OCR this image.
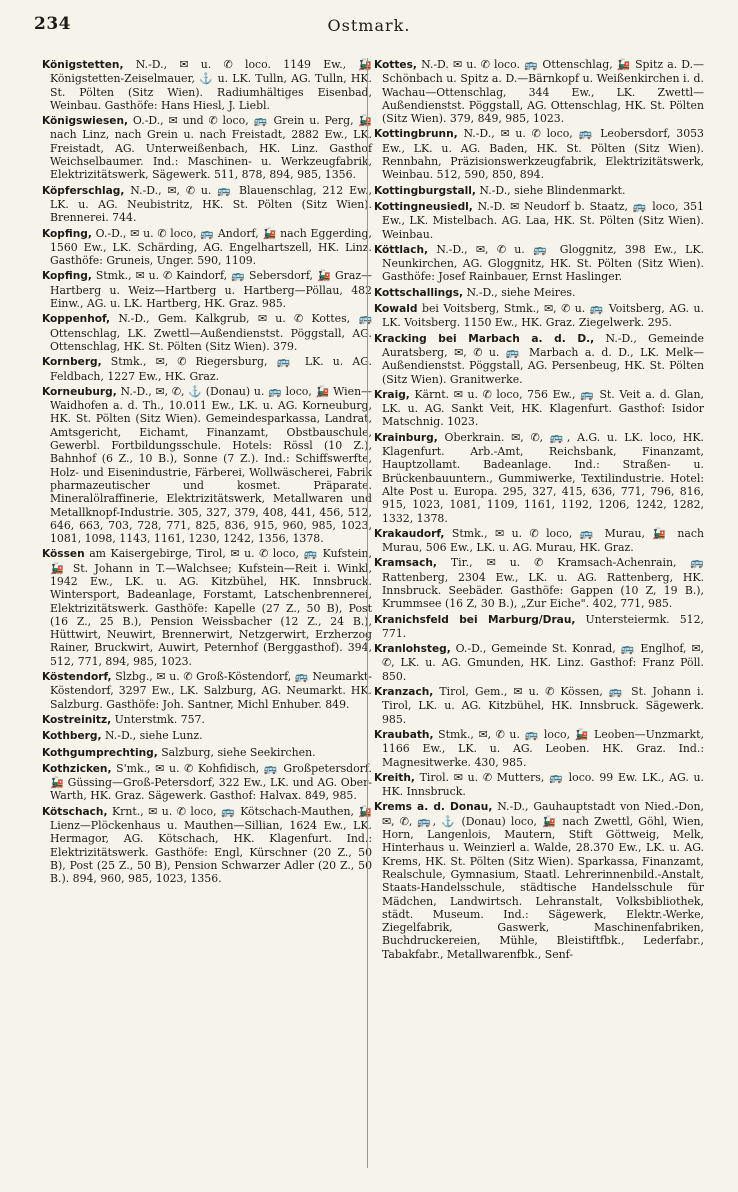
234	Ostmark.
Königstetten, N.-D., ✉ u. ✆ loco. 1149 Ew., 🚂 Königstetten-Zeiselmauer, ⚓ u. LK. Tulln, AG. Tulln, HK. St. Pölten (Sitz Wien). Radiumhältiges Eisenbad, Weinbau. Gasthöfe: Hans Hiesl, J. Liebl.
Königswiesen, O.-D., ✉ und ✆ loco, 🚌 Grein u. Perg, 🚂 nach Linz, nach Grein u. nach Freistadt, 2882 Ew., LK. Freistadt, AG. Unterweißenbach, HK. Linz. Gasthof Weichselbaumer. Ind.: Maschinen- u. Werkzeugfabrik, Elektrizitätswerk, Sägewerk. 511, 878, 894, 985, 1356.
Köpferschlag, N.-D., ✉, ✆ u. 🚌 Blauenschlag, 212 Ew., LK. u. AG. Neubistritz, HK. St. Pölten (Sitz Wien). Brennerei. 744.
Kopfing, O.-D., ✉ u. ✆ loco, 🚌 Andorf, 🚂 nach Eggerding, 1560 Ew., LK. Schärding, AG. Engelhartszell, HK. Linz. Gasthöfe: Gruneis, Unger. 590, 1109.
Kopfing, Stmk., ✉ u. ✆ Kaindorf, 🚌 Sebersdorf, 🚂 Graz—Hartberg u. Weiz—Hartberg u. Hartberg—Pöllau, 482 Einw., AG. u. LK. Hartberg, HK. Graz. 985.
Koppenhof, N.-D., Gem. Kalkgrub, ✉ u. ✆ Kottes, 🚌 Ottenschlag, LK. Zwettl—Außendienstst. Pöggstall, AG. Ottenschlag, HK. St. Pölten (Sitz Wien). 379.
Kornberg, Stmk., ✉, ✆ Riegersburg, 🚌 LK. u. AG. Feldbach, 1227 Ew., HK. Graz.
Korneuburg, N.-D., ✉, ✆, ⚓ (Donau) u. 🚌 loco, 🚂 Wien—Waidhofen a. d. Th., 10.011 Ew., LK. u. AG. Korneuburg, HK. St. Pölten (Sitz Wien). Gemeindesparkassa, Landrat, Amtsgericht, Eichamt, Finanzamt, Obstbauschule, Gewerbl. Fortbildungsschule. Hotels: Rössl (10 Z.), Bahnhof (6 Z., 10 B.), Sonne (7 Z.). Ind.: Schiffswerfte, Holz- und Eisenindustrie, Färberei, Wollwäscherei, Fabrik pharmazeutischer und kosmet. Präparate. Mineralölraffinerie, Elektrizitätswerk, Metallwaren und Metallknopf-Industrie. 305, 327, 379, 408, 441, 456, 512, 646, 663, 703, 728, 771, 825, 836, 915, 960, 985, 1023, 1081, 1098, 1143, 1161, 1230, 1242, 1356, 1378.
Kössen am Kaisergebirge, Tirol, ✉ u. ✆ loco, 🚌 Kufstein, 🚂 St. Johann in T.—Walchsee; Kufstein—Reit i. Winkl, 1942 Ew., LK. u. AG. Kitzbühel, HK. Innsbruck. Wintersport, Badeanlage, Forstamt, Latschenbrennerei, Elektrizitätswerk. Gasthöfe: Kapelle (27 Z., 50 B), Post (16 Z., 25 B.), Pension Weissbacher (12 Z., 24 B.), Hüttwirt, Neuwirt, Brennerwirt, Netzgerwirt, Erzherzog Rainer, Bruckwirt, Auwirt, Peternhof (Berggasthof). 394, 512, 771, 894, 985, 1023.
Köstendorf, Slzbg., ✉ u. ✆ Groß-Köstendorf, 🚌 Neumarkt-Köstendorf, 3297 Ew., LK. Salzburg, AG. Neumarkt. HK. Salzburg. Gasthöfe: Joh. Santner, Michl Enhuber. 849.
Kostreinitz, Unterstmk. 757.
Kothberg, N.-D., siehe Lunz.
Kothgumprechting, Salzburg, siehe Seekirchen.
Kothzicken, S'mk., ✉ u. ✆ Kohfidisch, 🚌 Großpetersdorf. 🚂 Güssing—Groß-Petersdorf, 322 Ew., LK. und AG. Ober-Warth, HK. Graz. Sägewerk. Gasthof: Halvax. 849, 985.
Kötschach, Krnt., ✉ u. ✆ loco, 🚌 Kötschach-Mauthen, 🚂 Lienz—Plöckenhaus u. Mauthen—Sillian, 1624 Ew., LK. Hermagor, AG. Kötschach, HK. Klagenfurt. Ind.: Elektrizitätswerk. Gasthöfe: Engl, Kürschner (20 Z., 50 B), Post (25 Z., 50 B), Pension Schwarzer Adler (20 Z., 50 B.). 894, 960, 985, 1023, 1356.
Kottes, N.-D. ✉ u. ✆ loco. 🚌 Ottenschlag, 🚂 Spitz a. D.—Schönbach u. Spitz a. D.—Bärnkopf u. Weißenkirchen i. d. Wachau—Ottenschlag, 344 Ew., LK. Zwettl—Außendienstst. Pöggstall, AG. Ottenschlag, HK. St. Pölten (Sitz Wien). 379, 849, 985, 1023.
Kottingbrunn, N.-D., ✉ u. ✆ loco, 🚌 Leobersdorf, 3053 Ew., LK. u. AG. Baden, HK. St. Pölten (Sitz Wien). Rennbahn, Präzisionswerkzeugfabrik, Elektrizitätswerk, Weinbau. 512, 590, 850, 894.
Kottingburgstall, N.-D., siehe Blindenmarkt.
Kottingneusiedl, N.-D. ✉ Neudorf b. Staatz, 🚌 loco, 351 Ew., LK. Mistelbach. AG. Laa, HK. St. Pölten (Sitz Wien). Weinbau.
Köttlach, N.-D., ✉, ✆ u. 🚌 Gloggnitz, 398 Ew., LK. Neunkirchen, AG. Gloggnitz, HK. St. Pölten (Sitz Wien). Gasthöfe: Josef Rainbauer, Ernst Haslinger.
Kottschallings, N.-D., siehe Meires.
Kowald bei Voitsberg, Stmk., ✉, ✆ u. 🚌 Voitsberg, AG. u. LK. Voitsberg. 1150 Ew., HK. Graz. Ziegelwerk. 295.
Kracking bei Marbach a. d. D., N.-D., Gemeinde Auratsberg, ✉, ✆ u. 🚌 Marbach a. d. D., LK. Melk—Außendienstst. Pöggstall, AG. Persenbeug, HK. St. Pölten (Sitz Wien). Granitwerke.
Kraig, Kärnt. ✉ u. ✆ loco, 756 Ew., 🚌 St. Veit a. d. Glan, LK. u. AG. Sankt Veit, HK. Klagenfurt. Gasthof: Isidor Matschnig. 1023.
Krainburg, Oberkrain. ✉, ✆, 🚌, A.G. u. LK. loco, HK. Klagenfurt. Arb.-Amt, Reichsbank, Finanzamt, Hauptzollamt. Badeanlage. Ind.: Straßen- u. Brückenbauuntern., Gummiwerke, Textilindustrie. Hotel: Alte Post u. Europa. 295, 327, 415, 636, 771, 796, 816, 915, 1023, 1081, 1109, 1161, 1192, 1206, 1242, 1282, 1332, 1378.
Krakaudorf, Stmk., ✉ u. ✆ loco, 🚌 Murau, 🚂 nach Murau, 506 Ew., LK. u. AG. Murau, HK. Graz.
Kramsach, Tir., ✉ u. ✆ Kramsach-Achenrain, 🚌 Rattenberg, 2304 Ew., LK. u. AG. Rattenberg, HK. Innsbruck. Seebäder. Gasthöfe: Gappen (10 Z, 19 B.), Krummsee (16 Z, 30 B.), „Zur Eiche". 402, 771, 985.
Kranichsfeld bei Marburg/Drau, Untersteiermk. 512, 771.
Kranlohsteg, O.-D., Gemeinde St. Konrad, 🚌 Englhof, ✉, ✆, LK. u. AG. Gmunden, HK. Linz. Gasthof: Franz Pöll. 850.
Kranzach, Tirol, Gem., ✉ u. ✆ Kössen, 🚌 St. Johann i. Tirol, LK. u. AG. Kitzbühel, HK. Innsbruck. Sägewerk. 985.
Kraubath, Stmk., ✉, ✆ u. 🚌 loco, 🚂 Leoben—Unzmarkt, 1166 Ew., LK. u. AG. Leoben. HK. Graz. Ind.: Magnesitwerke. 430, 985.
Kreith, Tirol. ✉ u. ✆ Mutters, 🚌 loco. 99 Ew. LK., AG. u. HK. Innsbruck.
Krems a. d. Donau, N.-D., Gauhauptstadt von Nied.-Don, ✉, ✆, 🚌, ⚓ (Donau) loco, 🚂 nach Zwettl, Göhl, Wien, Horn, Langenlois, Mautern, Stift Göttweig, Melk, Hinterhaus u. Weinzierl a. Walde, 28.370 Ew., LK. u. AG. Krems, HK. St. Pölten (Sitz Wien). Sparkassa, Finanzamt, Realschule, Gymnasium, Staatl. Lehrerinnenbild.-Anstalt, Staats-Handelsschule, städtische Handelsschule für Mädchen, Landwirtsch. Lehranstalt, Volksbibliothek, städt. Museum. Ind.: Sägewerk, Elektr.-Werke, Ziegelfabrik, Gaswerk, Maschinenfabriken, Buchdruckereien, Mühle, Bleistiftfbk., Lederfabr., Tabakfabr., Metallwarenfbk., Senf-
